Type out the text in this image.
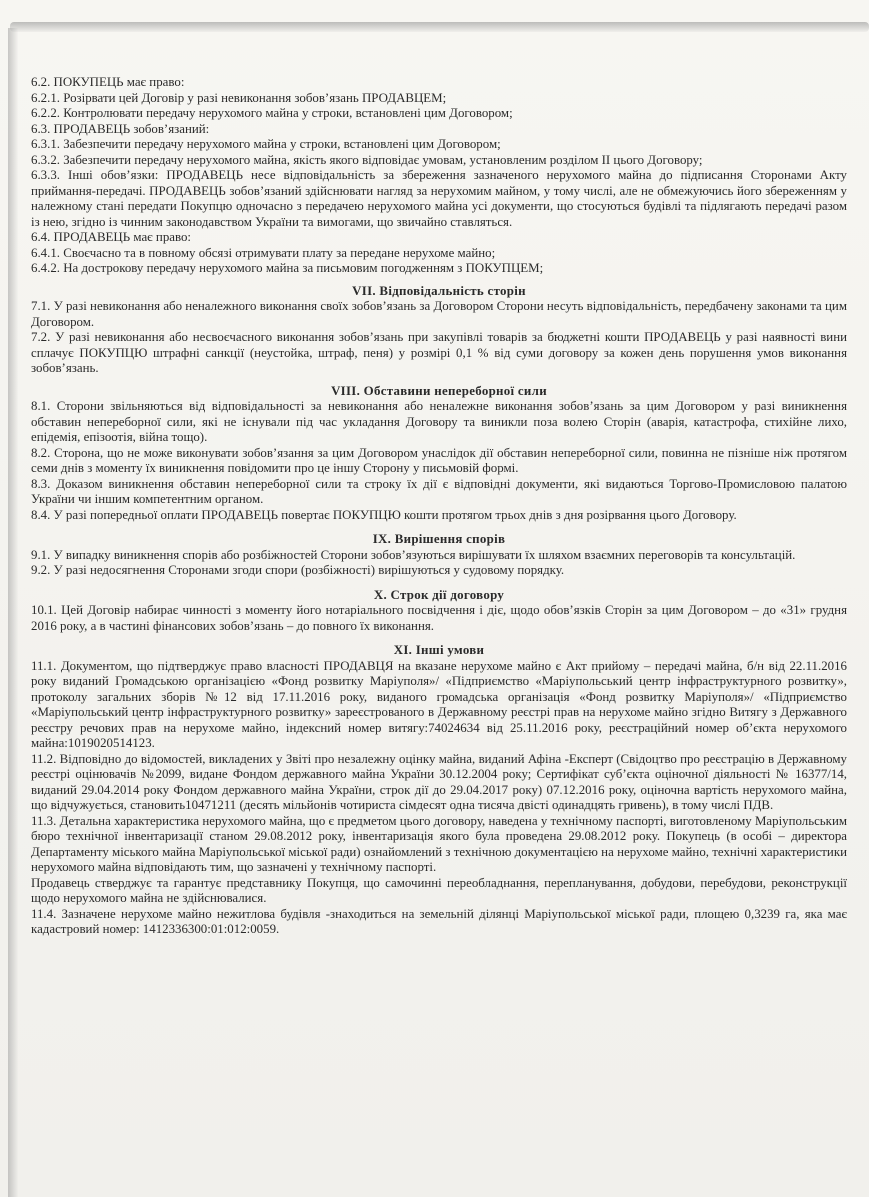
6.2. ПОКУПЕЦЬ має право:

6.2.1. Розірвати цей Договір у разі невиконання зобов’язань ПРОДАВЦЕМ;

6.2.2. Контролювати передачу нерухомого майна у строки, встановлені цим Договором;

6.3. ПРОДАВЕЦЬ зобов’язаний:

6.3.1. Забезпечити передачу нерухомого майна у строки, встановлені цим Договором;

6.3.2. Забезпечити передачу нерухомого майна, якість якого відповідає умовам, установленим розділом II цього Договору;

6.3.3. Інші обов’язки: ПРОДАВЕЦЬ несе відповідальність за збереження зазначеного нерухомого майна до підписання Сторонами Акту приймання-передачі. ПРОДАВЕЦЬ зобов’язаний здійснювати нагляд за нерухомим майном, у тому числі, але не обмежуючись його збереженням у належному стані передати Покупцю одночасно з передачею нерухомого майна усі документи, що стосуються будівлі та підлягають передачі разом із нею, згідно із чинним законодавством України та вимогами, що звичайно ставляться.

6.4. ПРОДАВЕЦЬ має право:

6.4.1. Своєчасно та в повному обсязі отримувати плату за передане нерухоме майно;

6.4.2. На дострокову передачу нерухомого майна за письмовим погодженням з ПОКУПЦЕМ;

VII. Відповідальність сторін

7.1. У разі невиконання або неналежного виконання своїх зобов’язань за Договором Сторони несуть відповідальність, передбачену законами та цим Договором.

7.2. У разі невиконання або несвоєчасного виконання зобов’язань при закупівлі товарів за бюджетні кошти ПРОДАВЕЦЬ у разі наявності вини сплачує ПОКУПЦЮ штрафні санкції (неустойка, штраф, пеня) у розмірі 0,1 % від суми договору за кожен день порушення умов виконання зобов’язань.

VIII. Обставини непереборної сили

8.1. Сторони звільняються від відповідальності за невиконання або неналежне виконання зобов’язань за цим Договором у разі виникнення обставин непереборної сили, які не існували під час укладання Договору та виникли поза волею Сторін (аварія, катастрофа, стихійне лихо, епідемія, епізоотія, війна тощо).

8.2. Сторона, що не може виконувати зобов’язання за цим Договором унаслідок дії обставин непереборної сили, повинна не пізніше ніж протягом семи днів з моменту їх виникнення повідомити про це іншу Сторону у письмовій формі.

8.3. Доказом виникнення обставин непереборної сили та строку їх дії є відповідні документи, які видаються Торгово-Промисловою палатою України чи іншим компетентним органом.

8.4. У разі попередньої оплати ПРОДАВЕЦЬ повертає ПОКУПЦЮ кошти протягом трьох днів з дня розірвання цього Договору.

IX. Вирішення спорів

9.1. У випадку виникнення спорів або розбіжностей Сторони зобов’язуються вирішувати їх шляхом взаємних переговорів та консультацій.

9.2. У разі недосягнення Сторонами згоди спори (розбіжності) вирішуються у судовому порядку.

X. Строк дії договору

10.1. Цей Договір набирає чинності з моменту його нотаріального посвідчення і діє, щодо обов’язків Сторін за цим Договором – до «31» грудня 2016 року, а в частині фінансових зобов’язань – до повного їх виконання.

XI. Інші умови

11.1. Документом, що підтверджує право власності ПРОДАВЦЯ на вказане нерухоме майно є Акт прийому – передачі майна, б/н від 22.11.2016 року виданий Громадською організацією «Фонд розвитку Маріуполя»/ «Підприємство «Маріупольський центр інфраструктурного розвитку», протоколу загальних зборів №12 від 17.11.2016 року, виданого громадська організація «Фонд розвитку Маріуполя»/ «Підприємство «Маріупольський центр інфраструктурного розвитку» зареєстрованого в Державному реєстрі прав на нерухоме майно згідно Витягу з Державного реєстру речових прав на нерухоме майно, індексний номер витягу:74024634 від 25.11.2016 року, реєстраційний номер об’єкта нерухомого майна:1019020514123.

11.2. Відповідно до відомостей, викладених у Звіті про незалежну оцінку майна, виданий Афіна -Експерт (Свідоцтво про реєстрацію в Державному реєстрі оцінювачів №2099, видане Фондом державного майна України 30.12.2004 року; Сертифікат суб’єкта оціночної діяльності № 16377/14, виданий 29.04.2014 року Фондом державного майна України, строк дії до 29.04.2017 року) 07.12.2016 року, оціночна вартість нерухомого майна, що відчужується, становить10471211 (десять мільйонів чотириста сімдесят одна тисяча двісті одинадцять гривень), в тому числі ПДВ.

11.3. Детальна характеристика нерухомого майна, що є предметом цього договору, наведена у технічному паспорті, виготовленому Маріупольським бюро технічної інвентаризації станом 29.08.2012 року, інвентаризація якого була проведена 29.08.2012 року. Покупець (в особі – директора Департаменту міського майна Маріупольської міської ради) ознайомлений з технічною документацією на нерухоме майно, технічні характеристики нерухомого майна відповідають тим, що зазначені у технічному паспорті.

Продавець стверджує та гарантує представнику Покупця, що самочинні переобладнання, перепланування, добудови, перебудови, реконструкції щодо нерухомого майна не здійснювалися.

11.4. Зазначене нерухоме майно нежитлова будівля -знаходиться на земельній ділянці Маріупольської міської ради, площею 0,3239 га, яка має кадастровий номер: 1412336300:01:012:0059.
